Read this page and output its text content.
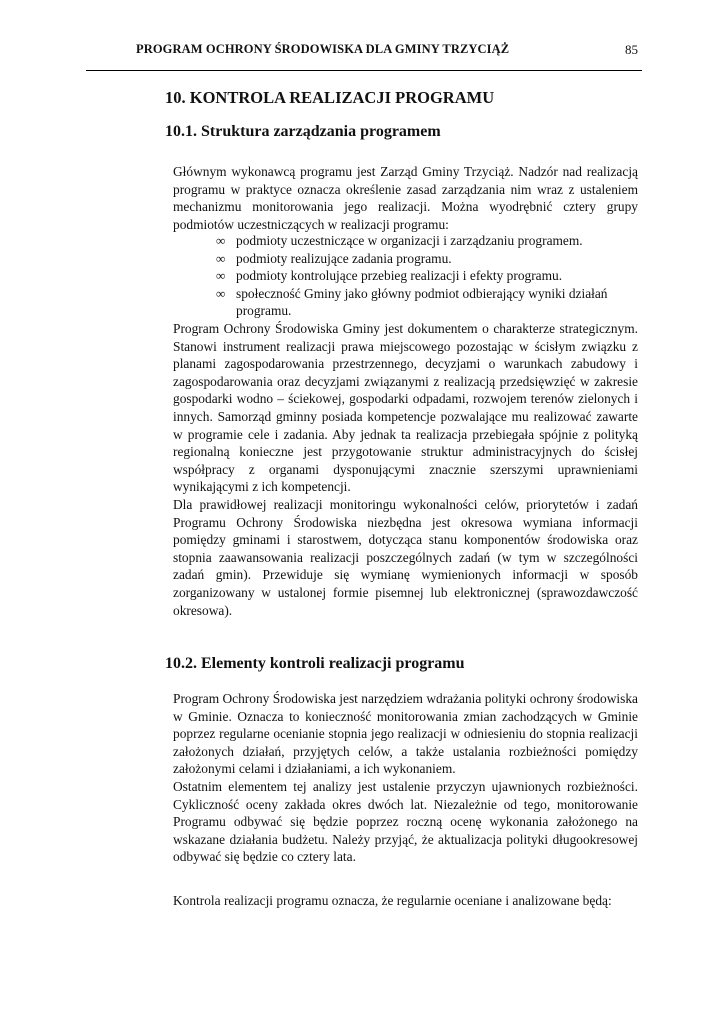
PROGRAM OCHRONY ŚRODOWISKA DLA GMINY TRZYCIĄŻ	85
10. KONTROLA REALIZACJI PROGRAMU
10.1. Struktura zarządzania programem

Głównym wykonawcą programu jest Zarząd Gminy Trzyciąż. Nadzór nad realizacją programu w praktyce oznacza określenie zasad zarządzania nim wraz z ustaleniem mechanizmu monitorowania jego realizacji. Można wyodrębnić cztery grupy podmiotów uczestniczących w realizacji programu:

∞ podmioty uczestniczące w organizacji i zarządzaniu programem.
∞ podmioty realizujące zadania programu.
∞ podmioty kontrolujące przebieg realizacji i efekty programu.
∞ społeczność Gminy jako główny podmiot odbierający wyniki działań programu.

Program Ochrony Środowiska Gminy jest dokumentem o charakterze strategicznym. Stanowi instrument realizacji prawa miejscowego pozostając w ścisłym związku z planami zagospodarowania przestrzennego, decyzjami o warunkach zabudowy i zagospodarowania oraz decyzjami związanymi z realizacją przedsięwzięć w zakresie gospodarki wodno – ściekowej, gospodarki odpadami, rozwojem terenów zielonych i innych. Samorząd gminny posiada kompetencje pozwalające mu realizować zawarte w programie cele i zadania. Aby jednak ta realizacja przebiegała spójnie z polityką regionalną konieczne jest przygotowanie struktur administracyjnych do ścisłej współpracy z organami dysponującymi znacznie szerszymi uprawnieniami wynikającymi z ich kompetencji.

Dla prawidłowej realizacji monitoringu wykonalności celów, priorytetów i zadań Programu Ochrony Środowiska niezbędna jest okresowa wymiana informacji pomiędzy gminami i starostwem, dotycząca stanu komponentów środowiska oraz stopnia zaawansowania realizacji poszczególnych zadań (w tym w szczególności zadań gmin). Przewiduje się wymianę wymienionych informacji w sposób zorganizowany w ustalonej formie pisemnej lub elektronicznej (sprawozdawczość okresowa).

10.2. Elementy kontroli realizacji programu

Program Ochrony Środowiska jest narzędziem wdrażania polityki ochrony środowiska w Gminie. Oznacza to konieczność monitorowania zmian zachodzących w Gminie poprzez regularne ocenianie stopnia jego realizacji w odniesieniu do stopnia realizacji założonych działań, przyjętych celów, a także ustalania rozbieżności pomiędzy założonymi celami i działaniami, a ich wykonaniem.

Ostatnim elementem tej analizy jest ustalenie przyczyn ujawnionych rozbieżności. Cykliczność oceny zakłada okres dwóch lat. Niezależnie od tego, monitorowanie Programu odbywać się będzie poprzez roczną ocenę wykonania założonego na wskazane działania budżetu. Należy przyjąć, że aktualizacja polityki długookresowej odbywać się będzie co cztery lata.

Kontrola realizacji programu oznacza, że regularnie oceniane i analizowane będą:
